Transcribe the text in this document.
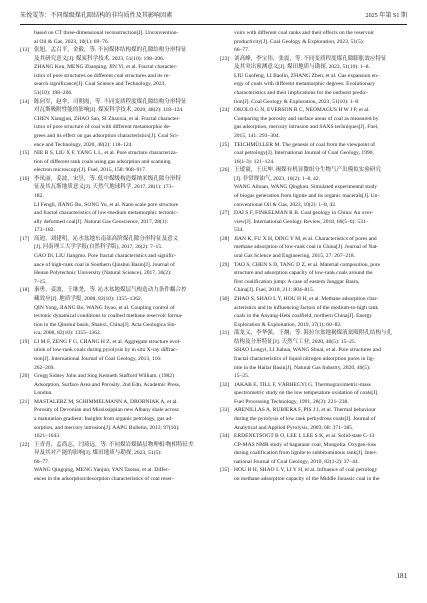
朱悦雯等：不同煤级煤孔隙结构的非均质性及其影响因素	2025 年第 S1 期
based on CT three-dimensional reconstruction[J]. Unconvention-
al Oil & Gas, 2023, 10(1): 69–76.
[13] 张旭，孟召平，金毅，等. 不同煤体结构煤的孔隙结构分形特征
及其研究意义[J]. 煤炭科学技术, 2023, 51(10): 198–206.
ZHANG Kun, MENG Zhaoping, JIN Yi, et al. Fractal character-
istics of pore structures on different coal structures and its re-
search significance[J]. Coal Science and Technology, 2023,
51(10): 198–206.
[14] 陈向军，赵伞，司朝霞，等. 不同变质程度煤孔隙结构分形特征
对瓦斯吸附性能的影响[J]. 煤炭科学技术, 2020, 48(2): 118–124.
CHEN Xiangjun, ZHAO San, SI Zhaoxia, et al. Fractal character-
istics of pore structure of coal with different metamorphic de-
grees and its effect on gas adsorption characteristics[J]. Coal Sci-
ence and Technology, 2020, 48(2): 118–124.
[15] NIE B S, LIU X F, YANG L L, et al. Pore structure characteriza-
tion of different rank coals using gas adsorption and scanning
electron microscopy[J]. Fuel, 2015, 158: 908–917.
[16] 李凤丽，姜波，宋昱，等. 低中煤级构造煤纳米级孔隙分形特
征及其瓦斯地质意义[J]. 天然气地球科学, 2017, 28(1): 173–
182.
LI Fengli, JIANG Bo, SONG Yu, et al. Nano scale pore structure
and fractal characteristics of low-medium metamorphic tectonic-
ally deformed coal[J]. Natural Gas Geoscience, 2017, 28(1):
173–182.
[17] 高迪，刘建明，沁水盆地东南部高阶煤孔隙分形特征及意义
[J]. 河南理工大学学报(自然科学版), 2017, 36(2): 7–15.
GAO Di, LIU Jiangmo. Pore fractal characteristics and signific-
ance of high-rank coal in Southern Qinshui Basin[J]. Journal of
Henan Polytechnic University (Natural Science), 2017, 36(2):
7–15.
[18] 秦勇，姜波，王继尧，等. 沁水盆地煤层气构造动力条件耦合控
藏效应[J]. 地质学报, 2008, 82(10): 1355–1362.
QIN Yong, JIANG Bo, WANG Jiyao, et al. Coupling control of
tectonic dynamical conditions to coalbed methane reservoir forma-
tion in the Qinshui basin, Shanxi, China[J]. Acta Geologica Sin-
ica, 2008, 82(10): 1355–1362.
[19] LI M F, ZENG F G, CHANG H Z, et al. Aggregate structure evol-
ution of low-rank coals during pyrolysis by in situ X-ray diffrac-
tion[J]. International Journal of Coal Geology, 2013, 116:
262–269.
[20] Gregg Sidney John and Sing Kenneth Stafford William. (1982)
Adsorption, Surface Area and Porosity, 2nd Edn, Academic Press,
London.
[21] MASTALERZ M, SCHIMMELMANN A, DROBNIAK A, et al.
Porosity of Devonian and Mississippian new Albany shale across
a maturation gradient: Insights from organic petrology, gas ad-
sorption, and mercury intrusion[J]. AAPG Bulletin, 2013, 97(10):
1621–1643.
[22] 王青青，孟尚志，闫琦远，等. 不同煤岩煤储层物理相/物相特征差
异及其对产能的影响[J]. 煤田地质与勘探, 2023, 51(5):
66–77.
WANG Qingqing, MENG Yanjun, YAN Taotao, et al. Differ-
ences in the adsorption/desorption characteristics of coal reser-
voirs with different coal ranks and their effects on the reservoir
productivity[J]. Coal Geology & Exploration, 2023, 51(5):
66–77.
[23] 刘高峰，李宝伟，张震，等. 不同变质程度煤孔隙膨胀效应特征
及其突出预测意义[J]. 煤田地质与勘探, 2023, 51(10): 1–8.
LIU Gaofeng, LI Baolin, ZHANG Zhen, et al. Gas expansion en-
ergy of coals with different metamorphic degrees: Evolutionary
characteristics and their implications for the outburst predic-
tion[J]. Coal Geology & Exploration, 2023, 51(10): 1–8.
[24] OKOLO G N, EVERSON R C, NEOMAGUS H W J P, et al.
Comparing the porosity and surface areas of coal as measured by
gas adsorption, mercury intrusion and SAXS techniques[J]. Fuel,
2015, 141: 293–304.
[25] TEICHMÜLLER M. The genesis of coal from the viewpoint of
coal petrology[J]. International Journal of Coal Geology, 1990,
16(1-3): 121–124.
[26] 王瑷寰，王庆坤. 褐煤有机显微组分生物气产出模拟实验研究
[J]. 非常规油气, 2023, 10(2): 1–8, 42.
WANG Aihuan, WANG Qingkun. Simulated experimental study
of biogas generation from lignite and its organic macerals[J]. Un-
conventional Oil & Gas, 2023, 10(2): 1–8, 42.
[27] DAI S F, FINKELMAN R B. Coal geology in China: An over-
view[J]. International Geology Review, 2018, 60(5–6): 531–
534.
[28] JIAN K, FU X H, DING Y M, et al. Characteristics of pores and
methane adsorption of low-rank coal in China[J]. Journal of Nat-
ural Gas Science and Engineering, 2015, 27: 207–218.
[29] TAO S, CHEN S D, TANG D Z, et al. Material composition, pore
structure and adsorption capacity of low-rank coals around the
first coalification jump: A case of eastern Junggar Basin,
China[J]. Fuel, 2018, 211: 804–815.
[30] ZHAO S, SHAO L Y, HOU H H, et al. Methane adsorption char-
acteristics and its influencing factors of the medium-to-high rank
coals in the Anyang-Hebi coalfield, northern China[J]. Energy
Exploration & Exploitation, 2019, 37(1): 60–82.
[31] 邵龙义，李华强，王炯，等. 海拉尔盆地褐煤液氮吸附孔结构与孔
结构及分形特征[J]. 天然气工业, 2020, 40(5): 15–25.
SHAO Longyi, LI Jiahua, WANG Shuai, et al. Pore structures and
fractal characteristics of liquid nitrogen adsorption pores in lig-
nite in the Hailar Basin[J]. Natural Gas Industry, 2020, 40(5):
15–25.
[32] JAKAB E, TILL F, VÁRHEGYI G. Thermogravimetric-mass
spectrometric study on the low temperature oxidation of coals[J].
Fuel Processing Technology, 1991, 28(3): 221–238.
[33] ARENILLAS A, RUBIERA F, PIS J J, et al. Thermal behaviour
during the pyrolysis of low rank perhydrous coals[J]. Journal of
Analytical and Applied Pyrolysis, 2003, 68: 371–385.
[34] ERDENETSOGT B O, LEE I, LEE S K, et al. Solid-state C-13
CP-MAS NMR study of baganuur coal, Mongolia: Oxygen-loss
during coalification from lignite to subbituminous rank[J]. Inter-
national Journal of Coal Geology, 2010, 82(1-2): 37–44.
[35] HOU H H, SHAO L Y, LI Y H, et al. Influence of coal petrology
on methane adsorption capacity of the Middle Jurassic coal in the
181
